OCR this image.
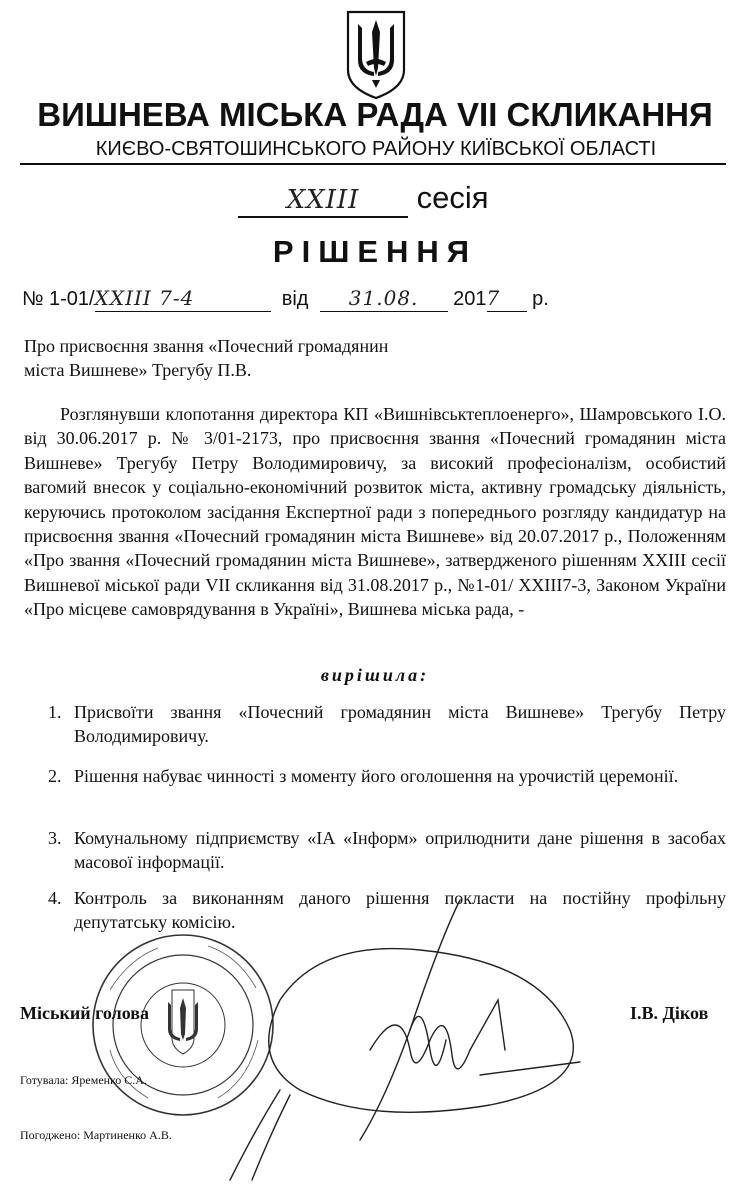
ВИШНЕВА МІСЬКА РАДА VII СКЛИКАННЯ
КИЄВО-СВЯТОШИНСЬКОГО РАЙОНУ КИЇВСЬКОЇ ОБЛАСТІ
XXIII сесія
РІШЕННЯ
№ 1-01/XXIII 7-4	від 31.08. 2017 р.
Про присвоєння звання «Почесний громадянин
міста Вишневе» Трегубу П.В.
Розглянувши клопотання директора КП «Вишнівськтеплоенерго», Шамровського І.О. від 30.06.2017 р. № 3/01-2173, про присвоєння звання «Почесний громадянин міста Вишневе» Трегубу Петру Володимировичу, за високий професіоналізм, особистий вагомий внесок у соціально-економічний розвиток міста, активну громадську діяльність, керуючись протоколом засідання Експертної ради з попереднього розгляду кандидатур на присвоєння звання «Почесний громадянин міста Вишневе» від 20.07.2017 р., Положенням «Про звання «Почесний громадянин міста Вишневе», затвердженого рішенням XXIII сесії Вишневої міської ради VII скликання від 31.08.2017 р., №1-01/ XXIII7-3, Законом України «Про місцеве самоврядування в Україні», Вишнева міська рада, -
вирішила:
1. Присвоїти звання «Почесний громадянин міста Вишневе» Трегубу Петру Володимировичу.
2. Рішення набуває чинності з моменту його оголошення на урочистій церемонії.
3. Комунальному підприємству «ІА «Інформ» оприлюднити дане рішення в засобах масової інформації.
4. Контроль за виконанням даного рішення покласти на постійну профільну депутатську комісію.
Міський голова	І.В. Діков
Готувала: Яременко С.А.
Погоджено: Мартиненко А.В.
